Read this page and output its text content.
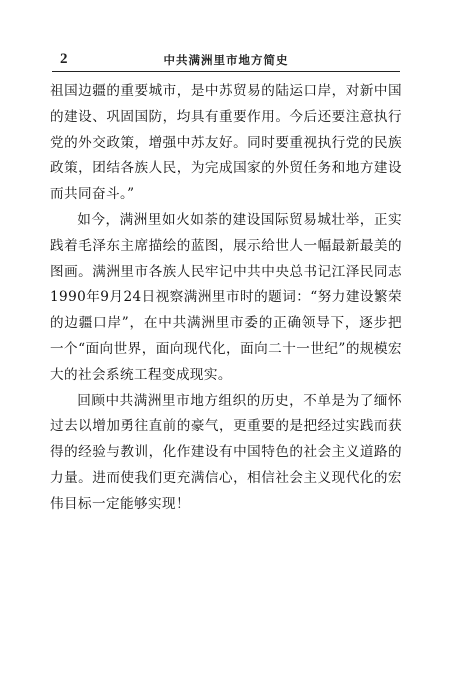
2	中共满洲里市地方简史

祖国边疆的重要城市，是中苏贸易的陆运口岸，对新中国的建设、巩固国防，均具有重要作用。今后还要注意执行党的外交政策，增强中苏友好。同时要重视执行党的民族政策，团结各族人民，为完成国家的外贸任务和地方建设而共同奋斗。”

如今，满洲里如火如荼的建设国际贸易城壮举，正实践着毛泽东主席描绘的蓝图，展示给世人一幅最新最美的图画。满洲里市各族人民牢记中共中央总书记江泽民同志1990年9月24日视察满洲里市时的题词：“努力建设繁荣的边疆口岸”，在中共满洲里市委的正确领导下，逐步把一个“面向世界，面向现代化，面向二十一世纪”的规模宏大的社会系统工程变成现实。

回顾中共满洲里市地方组织的历史，不单是为了缅怀过去以增加勇往直前的豪气，更重要的是把经过实践而获得的经验与教训，化作建设有中国特色的社会主义道路的力量。进而使我们更充满信心，相信社会主义现代化的宏伟目标一定能够实现！
